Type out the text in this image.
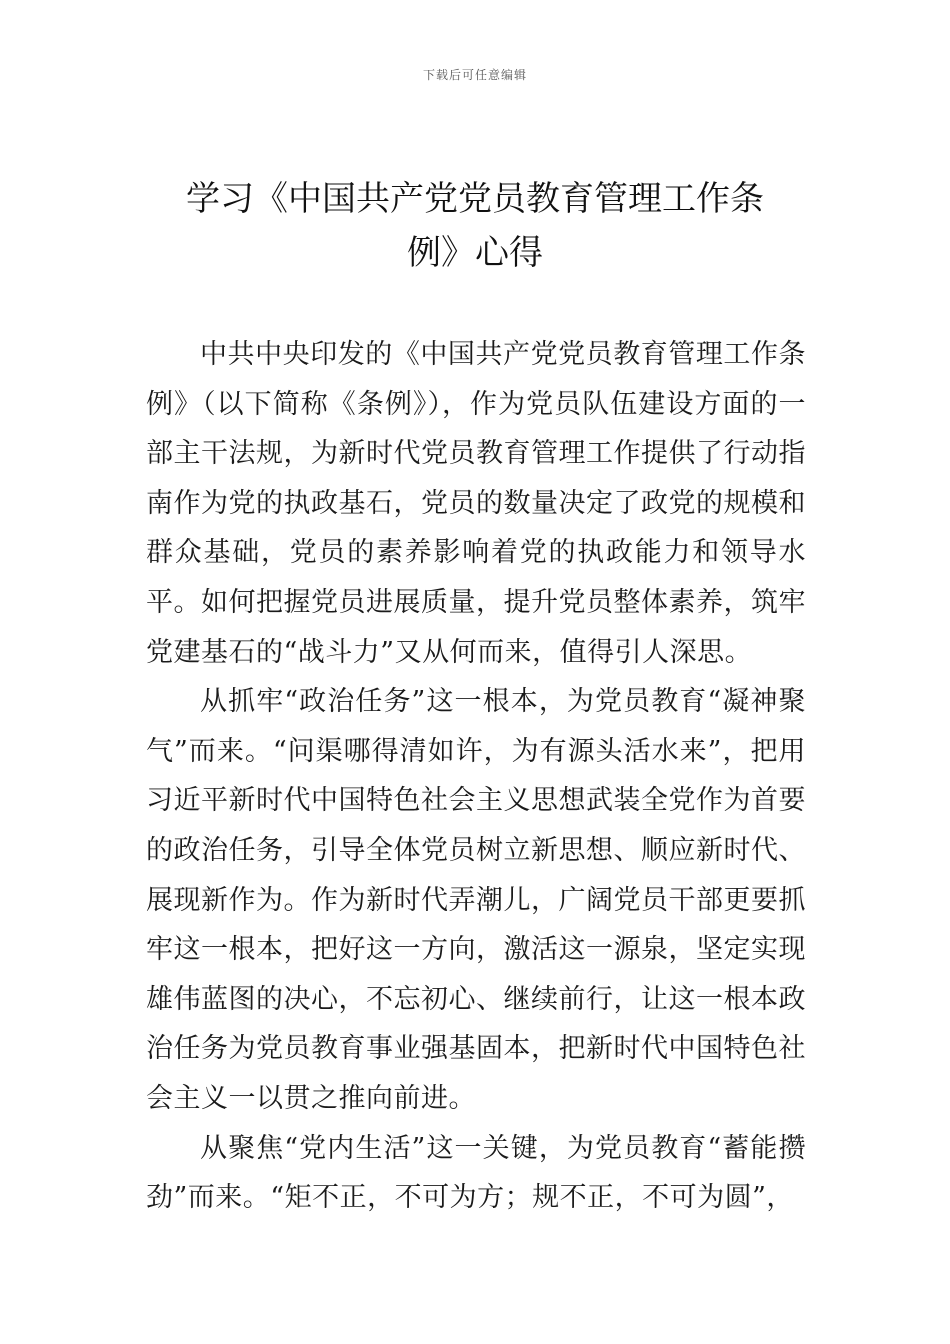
下载后可任意编辑
学习《中国共产党党员教育管理工作条
例》心得

中共中央印发的《中国共产党党员教育管理工作条例》（以下简称《条例》），作为党员队伍建设方面的一部主干法规，为新时代党员教育管理工作提供了行动指南作为党的执政基石，党员的数量决定了政党的规模和群众基础，党员的素养影响着党的执政能力和领导水平。如何把握党员进展质量，提升党员整体素养，筑牢党建基石的“战斗力”又从何而来，值得引人深思。

从抓牢“政治任务”这一根本，为党员教育“凝神聚气”而来。“问渠哪得清如许，为有源头活水来”，把用习近平新时代中国特色社会主义思想武装全党作为首要的政治任务，引导全体党员树立新思想、顺应新时代、展现新作为。作为新时代弄潮儿，广阔党员干部更要抓牢这一根本，把好这一方向，激活这一源泉，坚定实现雄伟蓝图的决心，不忘初心、继续前行，让这一根本政治任务为党员教育事业强基固本，把新时代中国特色社会主义一以贯之推向前进。

从聚焦“党内生活”这一关键，为党员教育“蓄能攒劲”而来。“矩不正，不可为方；规不正，不可为圆”，
